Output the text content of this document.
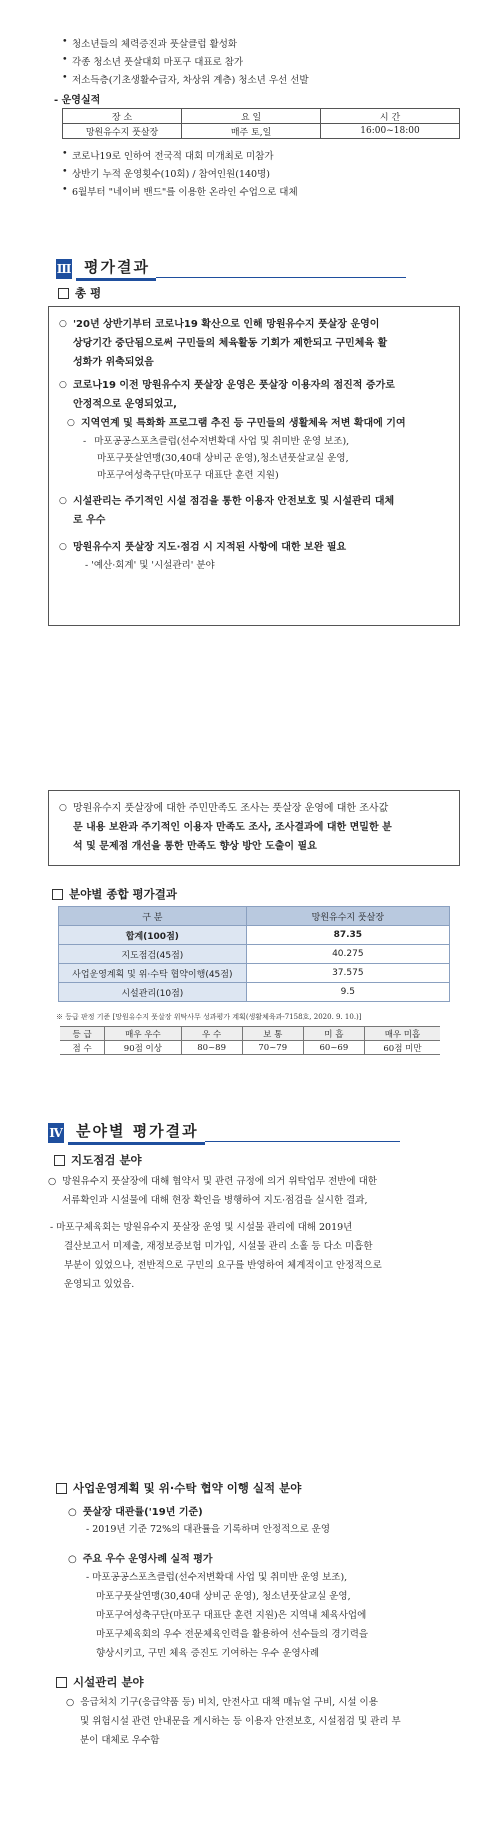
• 청소년들의 체력증진과 풋살클럽 활성화
• 각종 청소년 풋살대회 마포구 대표로 참가
• 저소득층(기초생활수급자, 차상위 계층) 청소년 우선 선발
- 운영실적
장 소	요 일	시 간
망원유수지 풋살장	매주 토,일	16:00~18:00
• 코로나19로 인하여 전국적 대회 미개최로 미참가
• 상반기 누적 운영횟수(10회) / 참여인원(140명)
• 6월부터 "네이버 밴드"를 이용한 온라인 수업으로 대체
Ⅲ 평가결과
총 평
○ '20년 상반기부터 코로나19 확산으로 인해 망원유수지 풋살장 운영이
상당기간 중단됨으로써 구민들의 체육활동 기회가 제한되고 구민체육 활
성화가 위축되었음
○ 코로나19 이전 망원유수지 풋살장 운영은 풋살장 이용자의 점진적 증가로
안정적으로 운영되었고,
○ 지역연계 및 특화화 프로그램 추진 등 구민들의 생활체육 저변 확대에 기여
- 마포공공스포츠클럽(선수저변확대 사업 및 취미반 운영 보조),
마포구풋살연맹(30,40대 상비군 운영),청소년풋살교실 운영,
마포구여성축구단(마포구 대표단 훈련 지원)
○ 시설관리는 주기적인 시설 점검을 통한 이용자 안전보호 및 시설관리 대체
로 우수
○ 망원유수지 풋살장 지도·점검 시 지적된 사항에 대한 보완 필요
- '예산·회계' 및 '시설관리' 분야
○ 망원유수지 풋살장에 대한 주민만족도 조사는 풋살장 운영에 대한 조사값
문 내용 보완과 주기적인 이용자 만족도 조사, 조사결과에 대한 면밀한 분
석 및 문제점 개선을 통한 만족도 향상 방안 도출이 필요
분야별 종합 평가결과
구 분	망원유수지 풋살장
합계(100점)	87.35
지도점검(45점)	40.275
사업운영계획 및 위·수탁 협약이행(45점)	37.575
시설관리(10점)	9.5
※ 등급 판정 기준 [망원유수지 풋살장 위탁사무 성과평가 계획(생활체육과-7158호, 2020. 9. 10.)]
등 급	매우 우수	우 수	보 통	미 흡	매우 미흡
점 수	90점 이상	80~89	70~79	60~69	60점 미만
Ⅳ 분야별 평가결과
지도점검 분야
○ 망원유수지 풋살장에 대해 협약서 및 관련 규정에 의거 위탁업무 전반에 대한
서류확인과 시설물에 대해 현장 확인을 병행하여 지도·점검을 실시한 결과,
- 마포구체육회는 망원유수지 풋살장 운영 및 시설물 관리에 대해 2019년
결산보고서 미제출, 재정보증보험 미가입, 시설물 관리 소홀 등 다소 미흡한
부분이 있었으나, 전반적으로 구민의 요구를 반영하여 체계적이고 안정적으로
운영되고 있었음.
사업운영계획 및 위·수탁 협약 이행 실적 분야
○ 풋살장 대관률('19년 기준)
- 2019년 기준 72%의 대관률을 기록하며 안정적으로 운영
○ 주요 우수 운영사례 실적 평가
- 마포공공스포츠클럽(선수저변확대 사업 및 취미반 운영 보조),
마포구풋살연맹(30,40대 상비군 운영), 청소년풋살교실 운영,
마포구여성축구단(마포구 대표단 훈련 지원)은 지역내 체육사업에
마포구체육회의 우수 전문체육인력을 활용하여 선수들의 경기력을
향상시키고, 구민 체육 증진도 기여하는 우수 운영사례
시설관리 분야
○ 응급처치 기구(응급약품 등) 비치, 안전사고 대책 매뉴얼 구비, 시설 이용
및 위험시설 관련 안내문을 게시하는 등 이용자 안전보호, 시설점검 및 관리 부
분이 대체로 우수함
